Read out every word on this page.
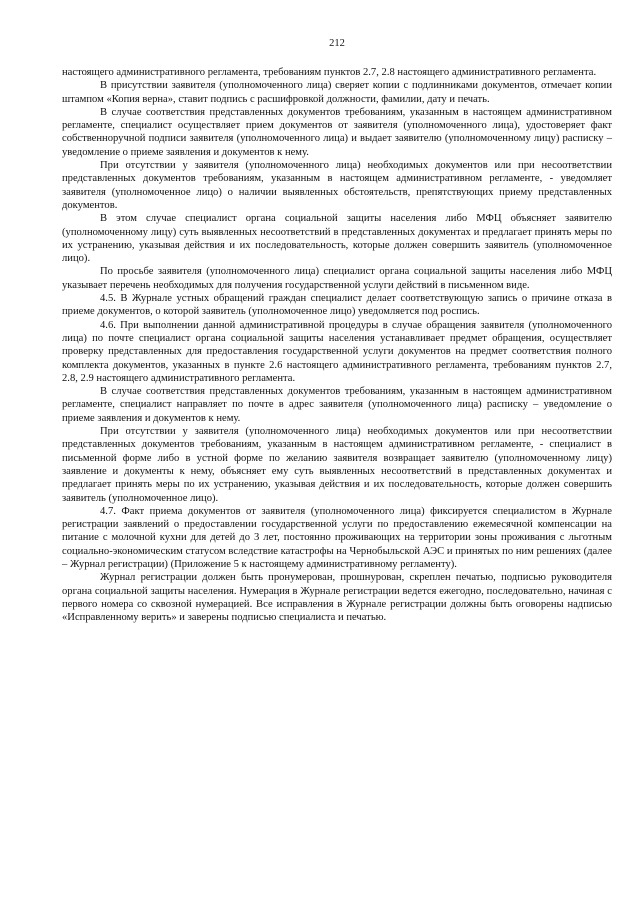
212

настоящего административного регламента, требованиям пунктов 2.7, 2.8 настоящего административного регламента.

В присутствии заявителя (уполномоченного лица) сверяет копии с подлинниками документов, отмечает копии штампом «Копия верна», ставит подпись с расшифровкой должности, фамилии, дату и печать.

В случае соответствия представленных документов требованиям, указанным в настоящем административном регламенте, специалист осуществляет прием документов от заявителя (уполномоченного лица), удостоверяет факт собственноручной подписи заявителя (уполномоченного лица) и выдает заявителю (уполномоченному лицу) расписку – уведомление о приеме заявления и документов к нему.

При отсутствии у заявителя (уполномоченного лица) необходимых документов или при несоответствии представленных документов требованиям, указанным в настоящем административном регламенте, - уведомляет заявителя (уполномоченное лицо) о наличии выявленных обстоятельств, препятствующих приему представленных документов.

В этом случае специалист органа социальной защиты населения либо МФЦ объясняет заявителю (уполномоченному лицу) суть выявленных несоответствий в представленных документах и предлагает принять меры по их устранению, указывая действия и их последовательность, которые должен совершить заявитель (уполномоченное лицо).

По просьбе заявителя (уполномоченного лица) специалист органа социальной защиты населения либо МФЦ указывает перечень необходимых для получения государственной услуги действий в письменном виде.

4.5. В Журнале устных обращений граждан специалист делает соответствующую запись о причине отказа в приеме документов, о которой заявитель (уполномоченное лицо) уведомляется под роспись.

4.6. При выполнении данной административной процедуры в случае обращения заявителя (уполномоченного лица) по почте специалист органа социальной защиты населения устанавливает предмет обращения, осуществляет проверку представленных для предоставления государственной услуги документов на предмет соответствия полного комплекта документов, указанных в пункте 2.6 настоящего административного регламента, требованиям пунктов 2.7, 2.8, 2.9 настоящего административного регламента.

В случае соответствия представленных документов требованиям, указанным в настоящем административном регламенте, специалист направляет по почте в адрес заявителя (уполномоченного лица) расписку – уведомление о приеме заявления и документов к нему.

При отсутствии у заявителя (уполномоченного лица) необходимых документов или при несоответствии представленных документов требованиям, указанным в настоящем административном регламенте, - специалист в письменной форме либо в устной форме по желанию заявителя возвращает заявителю (уполномоченному лицу) заявление и документы к нему, объясняет ему суть выявленных несоответствий в представленных документах и предлагает принять меры по их устранению, указывая действия и их последовательность, которые должен совершить заявитель (уполномоченное лицо).

4.7. Факт приема документов от заявителя (уполномоченного лица) фиксируется специалистом в Журнале регистрации заявлений о предоставлении государственной услуги по предоставлению ежемесячной компенсации на питание с молочной кухни для детей до 3 лет, постоянно проживающих на территории зоны проживания с льготным социально-экономическим статусом вследствие катастрофы на Чернобыльской АЭС и принятых по ним решениях (далее – Журнал регистрации) (Приложение 5 к настоящему административному регламенту).

Журнал регистрации должен быть пронумерован, прошнурован, скреплен печатью, подписью руководителя органа социальной защиты населения. Нумерация в Журнале регистрации ведется ежегодно, последовательно, начиная с первого номера со сквозной нумерацией. Все исправления в Журнале регистрации должны быть оговорены надписью «Исправленному верить» и заверены подписью специалиста и печатью.
